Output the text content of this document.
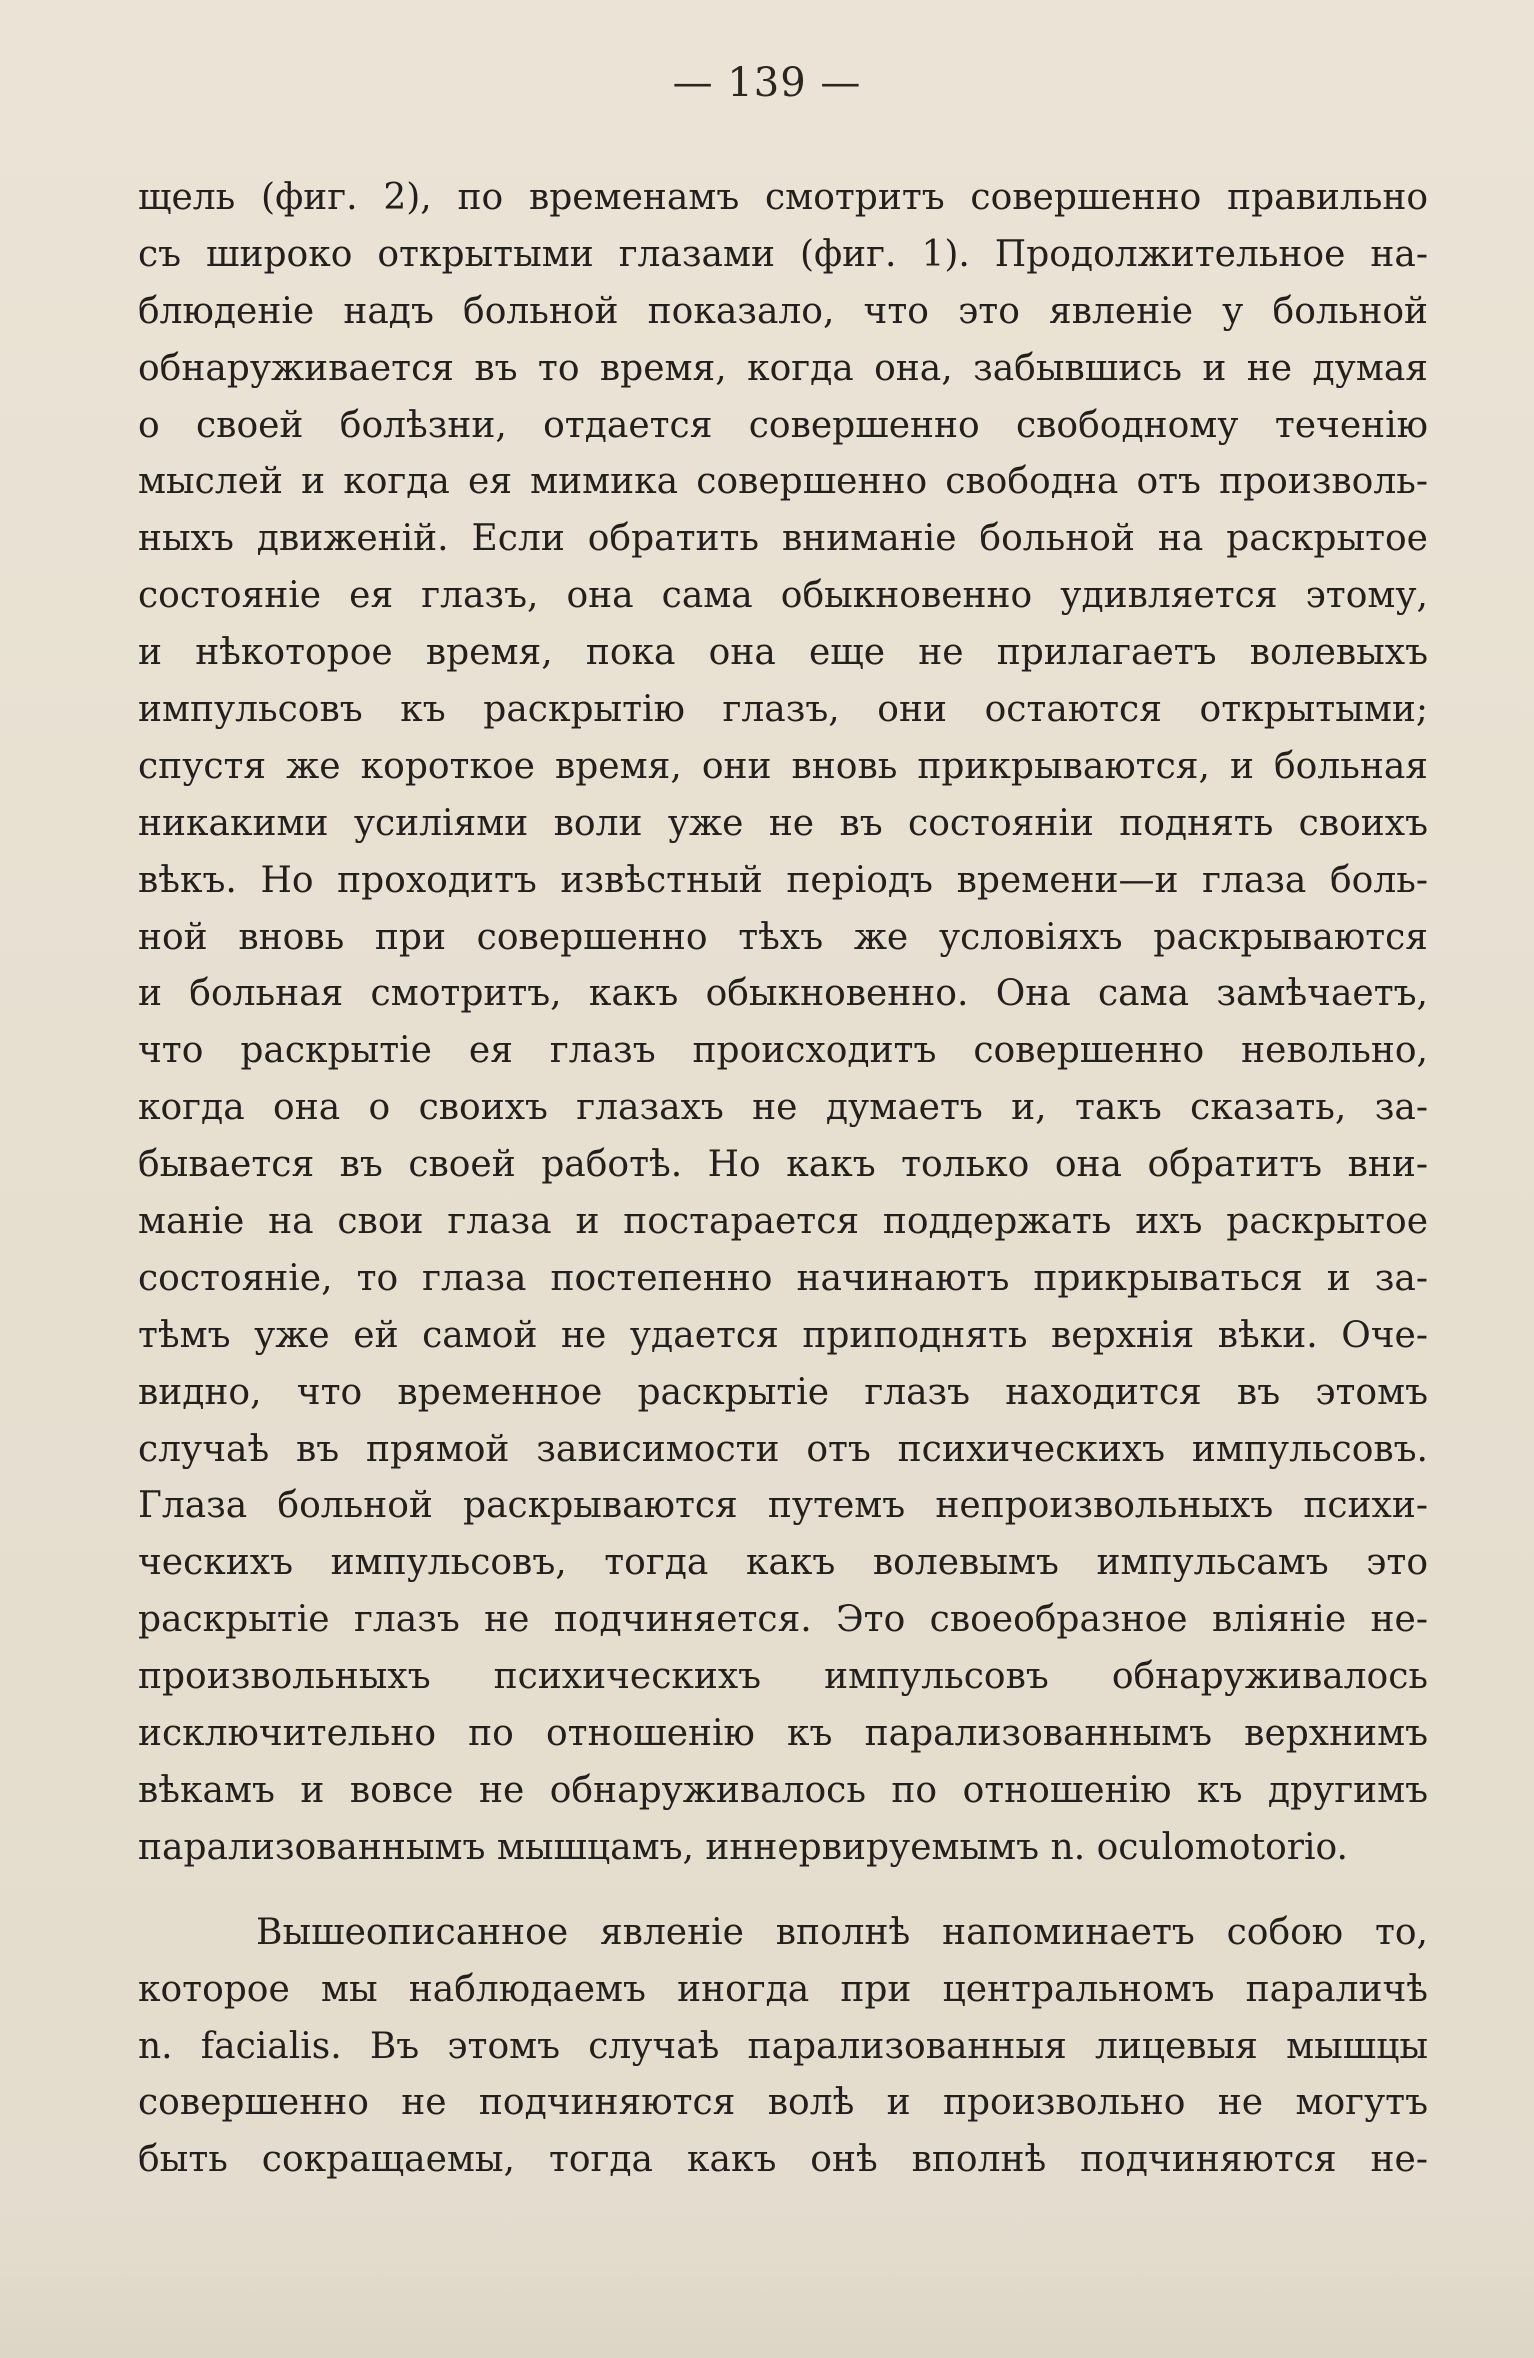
— 139 —
щель (фиг. 2), по временамъ смотритъ совершенно правильно
съ широко открытыми глазами (фиг. 1). Продолжительное на-
блюденiе надъ больной показало, что это явленiе у больной
обнаруживается въ то время, когда она, забывшись и не думая
о своей болѣзни, отдается совершенно свободному теченiю
мыслей и когда ея мимика совершенно свободна отъ произволь-
ныхъ движенiй. Если обратить вниманiе больной на раскрытое
состоянiе ея глазъ, она сама обыкновенно удивляется этому,
и нѣкоторое время, пока она еще не прилагаетъ волевыхъ
импульсовъ къ раскрытiю глазъ, они остаются открытыми;
спустя же короткое время, они вновь прикрываются, и больная
никакими усилiями воли уже не въ состоянiи поднять своихъ
вѣкъ. Но проходитъ извѣстный перiодъ времени—и глаза боль-
ной вновь при совершенно тѣхъ же условiяхъ раскрываются
и больная смотритъ, какъ обыкновенно. Она сама замѣчаетъ,
что раскрытiе ея глазъ происходитъ совершенно невольно,
когда она о своихъ глазахъ не думаетъ и, такъ сказать, за-
бывается въ своей работѣ. Но какъ только она обратитъ вни-
манiе на свои глаза и постарается поддержать ихъ раскрытое
состоянiе, то глаза постепенно начинаютъ прикрываться и за-
тѣмъ уже ей самой не удается приподнять верхнiя вѣки. Оче-
видно, что временное раскрытiе глазъ находится въ этомъ
случаѣ въ прямой зависимости отъ психическихъ импульсовъ.
Глаза больной раскрываются путемъ непроизвольныхъ психи-
ческихъ импульсовъ, тогда какъ волевымъ импульсамъ это
раскрытiе глазъ не подчиняется. Это своеобразное влiянiе не-
произвольныхъ психическихъ импульсовъ обнаруживалось
исключительно по отношенiю къ парализованнымъ верхнимъ
вѣкамъ и вовсе не обнаруживалось по отношенiю къ другимъ
парализованнымъ мышцамъ, иннервируемымъ n. oculomotorio.
Вышеописанное явленiе вполнѣ напоминаетъ собою то,
которое мы наблюдаемъ иногда при центральномъ параличѣ
n. facialis. Въ этомъ случаѣ парализованныя лицевыя мышцы
совершенно не подчиняются волѣ и произвольно не могутъ
быть сокращаемы, тогда какъ онѣ вполнѣ подчиняются не-
